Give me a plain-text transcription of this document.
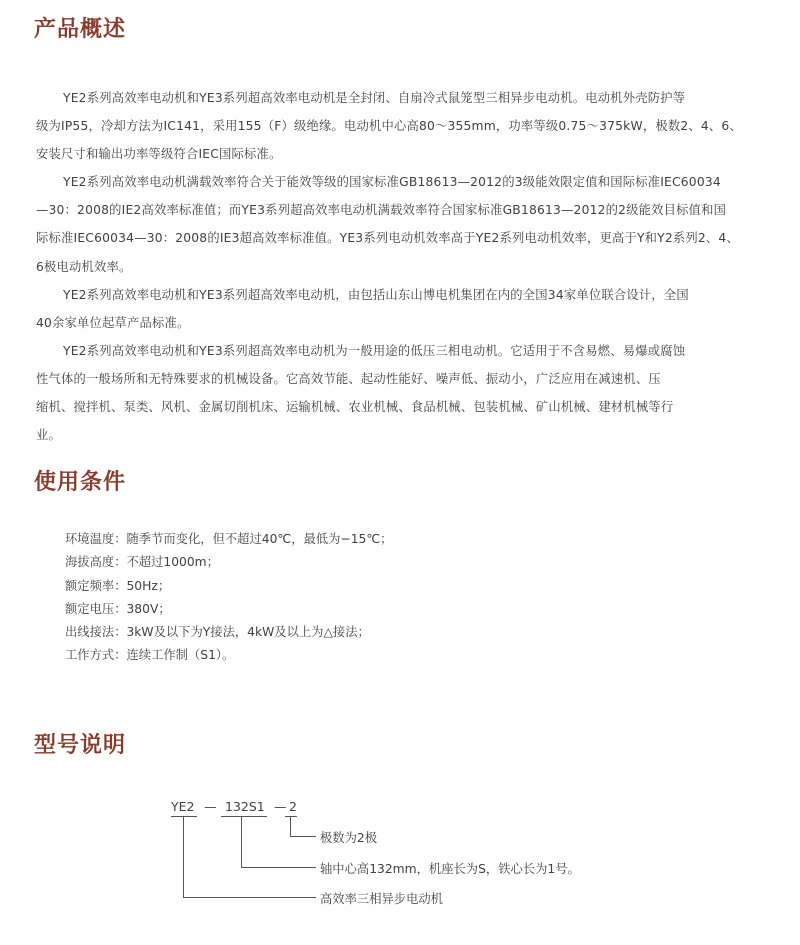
产品概述
YE2系列高效率电动机和YE3系列超高效率电动机是全封闭、自扇冷式鼠笼型三相异步电动机。电动机外壳防护等
级为IP55，冷却方法为IC141，采用155（F）级绝缘。电动机中心高80～355mm，功率等级0.75～375kW，极数2、4、6、
安装尺寸和输出功率等级符合IEC国际标准。
YE2系列高效率电动机满载效率符合关于能效等级的国家标准GB18613—2012的3级能效限定值和国际标准IEC60034
—30：2008的IE2高效率标准值；而YE3系列超高效率电动机满载效率符合国家标准GB18613—2012的2级能效目标值和国
际标准IEC60034—30：2008的IE3超高效率标准值。YE3系列电动机效率高于YE2系列电动机效率，更高于Y和Y2系列2、4、
6极电动机效率。
YE2系列高效率电动机和YE3系列超高效率电动机，由包括山东山博电机集团在内的全国34家单位联合设计，全国
40余家单位起草产品标准。
YE2系列高效率电动机和YE3系列超高效率电动机为一般用途的低压三相电动机。它适用于不含易燃、易爆或腐蚀
性气体的一般场所和无特殊要求的机械设备。它高效节能、起动性能好、噪声低、振动小，广泛应用在减速机、压
缩机、搅拌机、泵类、风机、金属切削机床、运输机械、农业机械、食品机械、包装机械、矿山机械、建材机械等行
业。
使用条件
环境温度：随季节而变化，但不超过40℃，最低为−15℃；
海拔高度：不超过1000m；
额定频率：50Hz；
额定电压：380V；
出线接法：3kW及以下为Y接法，4kW及以上为△接法；
工作方式：连续工作制（S1）。
型号说明
YE2 — 132S1 — 2
极数为2极
轴中心高132mm，机座长为S，铁心长为1号。
高效率三相异步电动机
